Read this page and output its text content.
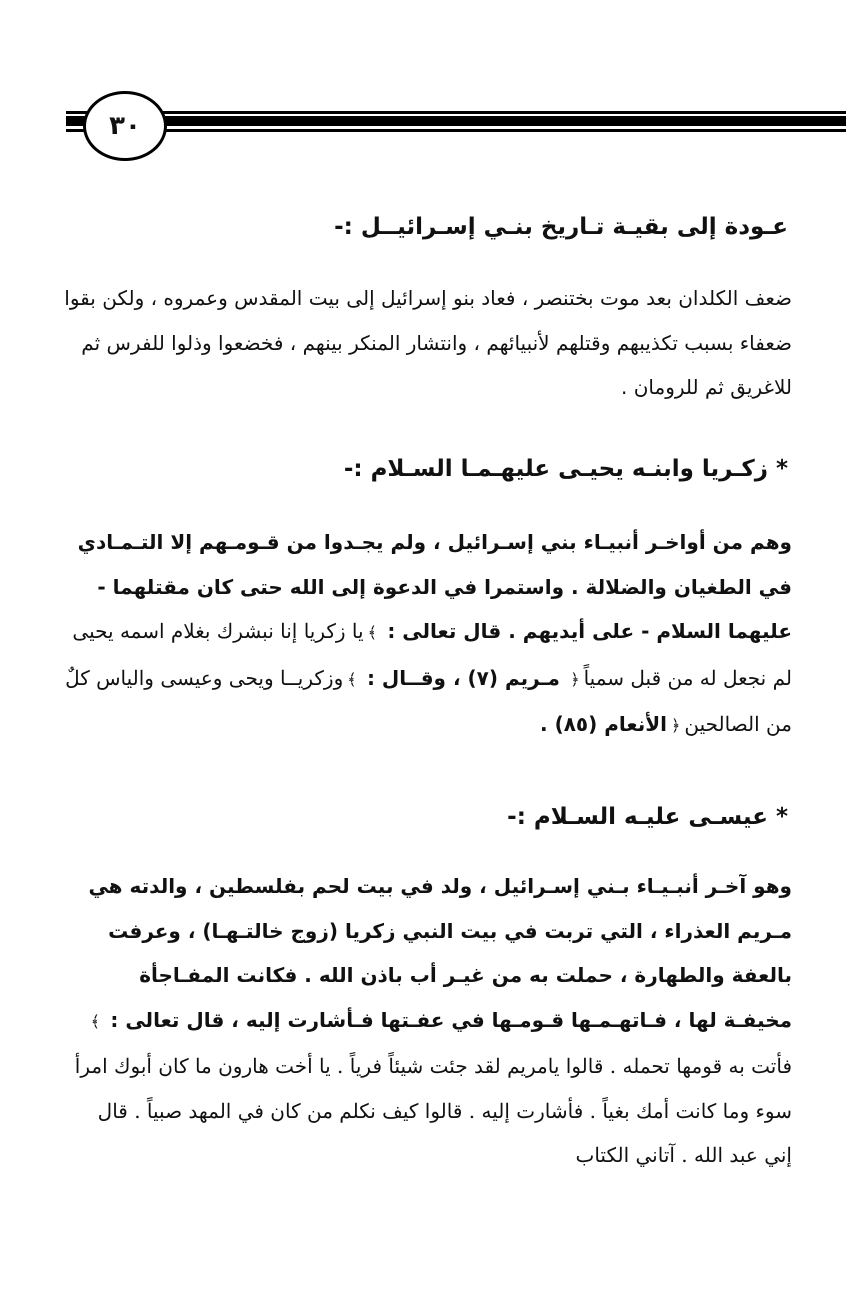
٣٠
عـودة إلى بقيـة تـاريخ بنـي إسـرائيــل :-

ضعف الكلدان بعد موت بختنصر ، فعاد بنو إسرائيل إلى بيت المقدس وعمروه ، ولكن بقوا ضعفاء بسبب تكذيبهم وقتلهم لأنبيائهم ، وانتشار المنكر بينهم ، فخضعوا وذلوا للفرس ثم للاغريق ثم للرومان .

* زكـريا وابنـه يحيـى عليهـمـا السـلام :-

وهم من أواخـر أنبيـاء بني إسـرائيل ، ولم يجـدوا من قـومـهم إلا التـمـادي في الطغيان والضلالة . واستمرا في الدعوة إلى الله حتى كان مقتلهما - عليهما السلام - على أيديهم . قال تعالى : ﴾يا زكريا إنا نبشرك بغلام اسمه يحيى لم نجعل له من قبل سمياً﴿ مـريم (٧) ، وقــال : ﴾وزكريــا ويحى وعيسى والياس كلٌ من الصالحين﴿الأنعام (٨٥) .

* عيسـى عليـه السـلام :-

وهو آخـر أنبـيـاء بـني إسـرائيل ، ولد في بيت لحم بفلسطين ، والدته هي مـريم العذراء ، التي تربت في بيت النبي زكريا (زوج خالتـهـا) ، وعرفت بالعفة والطهارة ، حملت به من غيـر أب باذن الله . فكانت المفـاجأة مخيفـة لها ، فـاتهـمـها قـومـها في عفـتها فـأشارت إليه ، قال تعالى : ﴾فأتت به قومها تحمله . قالوا يامريم لقد جئت شيئاً فرياً . يا أخت هارون ما كان أبوك امرأ سوء وما كانت أمك بغياً . فأشارت إليه . قالوا كيف نكلم من كان في المهد صبياً . قال إني عبد الله . آتاني الكتاب
